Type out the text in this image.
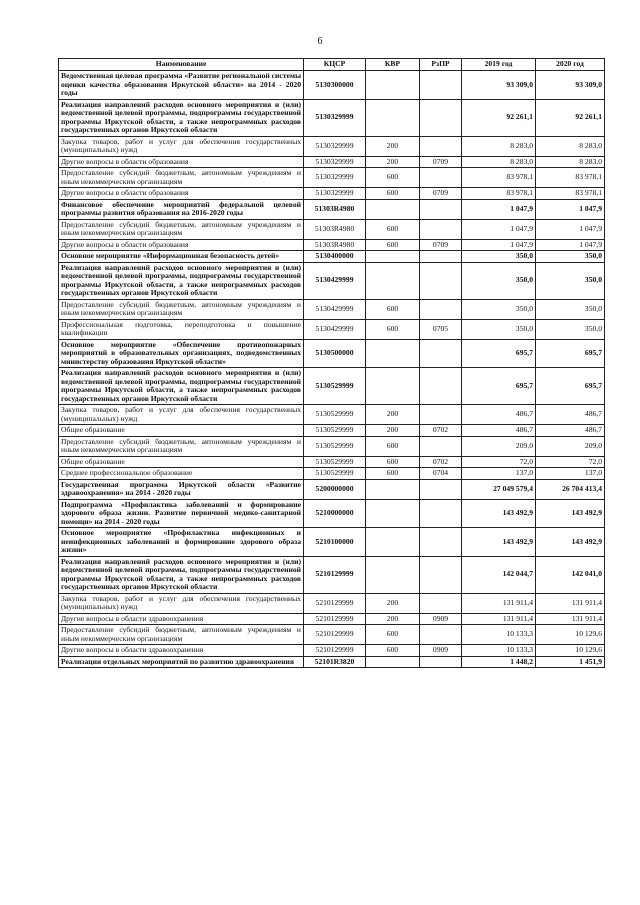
6
Наименование	КЦСР	КВР	РзПР	2019 год	2020 год
Ведомственная целевая программа «Развитие региональной системы оценки качества образования Иркутской области» на 2014 - 2020 годы	5130300000			93 309,0	93 309,0
Реализация направлений расходов основного мероприятия и (или) ведомственной целевой программы, подпрограммы государственной программы Иркутской области, а также непрограммных расходов государственных органов Иркутской области	5130329999			92 261,1	92 261,1
Закупка товаров, работ и услуг для обеспечения государственных (муниципальных) нужд	5130329999	200		8 283,0	8 283,0
Другие вопросы в области образования	5130329999	200	0709	8 283,0	8 283,0
Предоставление субсидий бюджетным, автономным учреждениям и иным некоммерческим организациям	5130329999	600		83 978,1	83 978,1
Другие вопросы в области образования	5130329999	600	0709	83 978,1	83 978,1
Финансовое обеспечение мероприятий федеральной целевой программы развития образования на 2016-2020 годы	51303R4980			1 047,9	1 047,9
Предоставление субсидий бюджетным, автономным учреждениям и иным некоммерческим организациям	51303R4980	600		1 047,9	1 047,9
Другие вопросы в области образования	51303R4980	600	0709	1 047,9	1 047,9
Основное мероприятие «Информационная безопасность детей»	5130400000			350,0	350,0
Реализация направлений расходов основного мероприятия и (или) ведомственной целевой программы, подпрограммы государственной программы Иркутской области, а также непрограммных расходов государственных органов Иркутской области	5130429999			350,0	350,0
Предоставление субсидий бюджетным, автономным учреждениям и иным некоммерческим организациям	5130429999	600		350,0	350,0
Профессиональная подготовка, переподготовка и повышение квалификации	5130429999	600	0705	350,0	350,0
Основное мероприятие «Обеспечение противопожарных мероприятий в образовательных организациях, подведомственных министерству образования Иркутской области»	5130500000			695,7	695,7
Реализация направлений расходов основного мероприятия и (или) ведомственной целевой программы, подпрограммы государственной программы Иркутской области, а также непрограммных расходов государственных органов Иркутской области	5130529999			695,7	695,7
Закупка товаров, работ и услуг для обеспечения государственных (муниципальных) нужд	5130529999	200		486,7	486,7
Общее образование	5130529999	200	0702	486,7	486,7
Предоставление субсидий бюджетным, автономным учреждениям и иным некоммерческим организациям	5130529999	600		209,0	209,0
Общее образование	5130529999	600	0702	72,0	72,0
Среднее профессиональное образование	5130529999	600	0704	137,0	137,0
Государственная программа Иркутской области «Развитие здравоохранения» на 2014 - 2020 годы	5200000000			27 049 579,4	26 704 413,4
Подпрограмма «Профилактика заболеваний и формирование здорового образа жизни. Развитие первичной медико-санитарной помощи» на 2014 - 2020 годы	5210000000			143 492,9	143 492,9
Основное мероприятие «Профилактика инфекционных и неинфекционных заболеваний и формирование здорового образа жизни»	5210100000			143 492,9	143 492,9
Реализация направлений расходов основного мероприятия и (или) ведомственной целевой программы, подпрограммы государственной программы Иркутской области, а также непрограммных расходов государственных органов Иркутской области	5210129999			142 044,7	142 041,0
Закупка товаров, работ и услуг для обеспечения государственных (муниципальных) нужд	5210129999	200		131 911,4	131 911,4
Другие вопросы в области здравоохранения	5210129999	200	0909	131 911,4	131 911,4
Предоставление субсидий бюджетным, автономным учреждениям и иным некоммерческим организациям	5210129999	600		10 133,3	10 129,6
Другие вопросы в области здравоохранения	5210129999	600	0909	10 133,3	10 129,6
Реализация отдельных мероприятий по развитию здравоохранения	52101R3820			1 448,2	1 451,9
